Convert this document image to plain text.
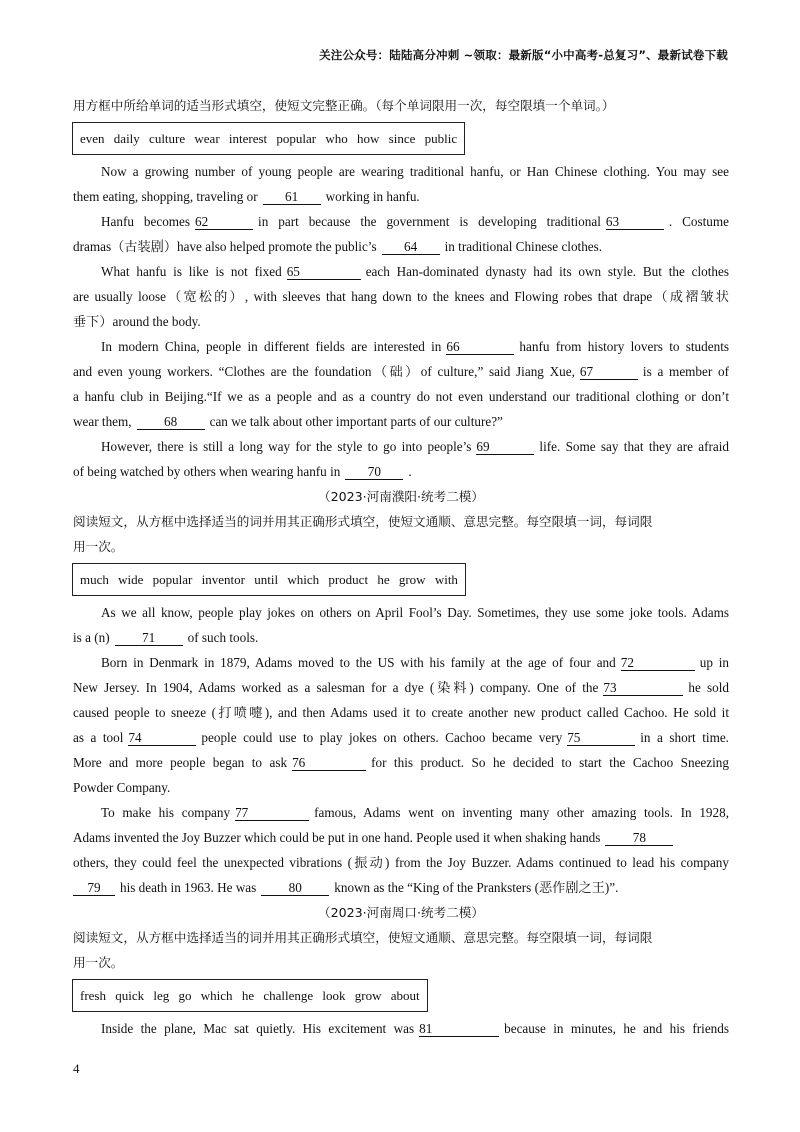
关注公众号：陆陆高分冲刺 ~领取：最新版“小中高考-总复习”、最新试卷下载
用方框中所给单词的适当形式填空，使短文完整正确。（每个单词限用一次，每空限填一个单词。）
even daily culture wear interest popular who how since public
Now a growing number of young people are wearing traditional hanfu, or Han Chinese clothing. You may see
them eating, shopping, traveling or 61 working in hanfu.
Hanfu becomes 62	in part because the government is developing traditional 63	. Costume
dramas（古装剧）have also helped promote the public’s 64 in traditional Chinese clothes.
What hanfu is like is not fixed 65	each Han-dominated dynasty had its own style. But the clothes
are usually loose（宽松的）, with sleeves that hang down to the knees and Flowing robes that drape（成褶皱状
垂下）around the body.
In modern China, people in different fields are interested in 66	hanfu from history lovers to students
and even young workers. “Clothes are the foundation（础）of culture,” said Jiang Xue, 67	is a member of
a hanfu club in Beijing.“If we as a people and as a country do not even understand our traditional clothing or don’t
wear them, 68 can we talk about other important parts of our culture?”
However, there is still a long way for the style to go into people’s 69	life. Some say that they are afraid
of being watched by others when wearing hanfu in 70 .
（2023·河南濮阳·统考二模）
阅读短文，从方框中选择适当的词并用其正确形式填空，使短文通顺、意思完整。每空限填一词，每词限
用一次。
much wide popular inventor until which product he grow with
As we all know, people play jokes on others on April Fool’s Day. Sometimes, they use some joke tools. Adams
is a (n) 71 of such tools.
Born in Denmark in 1879, Adams moved to the US with his family at the age of four and 72	up in
New Jersey. In 1904, Adams worked as a salesman for a dye (染料) company. One of the 73	he sold
caused people to sneeze (打喷嚏), and then Adams used it to create another new product called Cachoo. He sold it
as a tool 74	people could use to play jokes on others. Cachoo became very 75	in a short time.
More and more people began to ask 76	for this product. So he decided to start the Cachoo Sneezing
Powder Company.
To make his company 77	famous, Adams went on inventing many other amazing tools. In 1928,
Adams invented the Joy Buzzer which could be put in one hand. People used it when shaking hands 78
others, they could feel the unexpected vibrations (振动) from the Joy Buzzer. Adams continued to lead his company
79 his death in 1963. He was 80 known as the “King of the Pranksters (恶作剧之王)”.
（2023·河南周口·统考二模）
阅读短文，从方框中选择适当的词并用其正确形式填空，使短文通顺、意思完整。每空限填一词，每词限
用一次。
fresh quick leg go which he challenge look grow about
Inside the plane, Mac sat quietly. His excitement was 81	because in minutes, he and his friends
4
